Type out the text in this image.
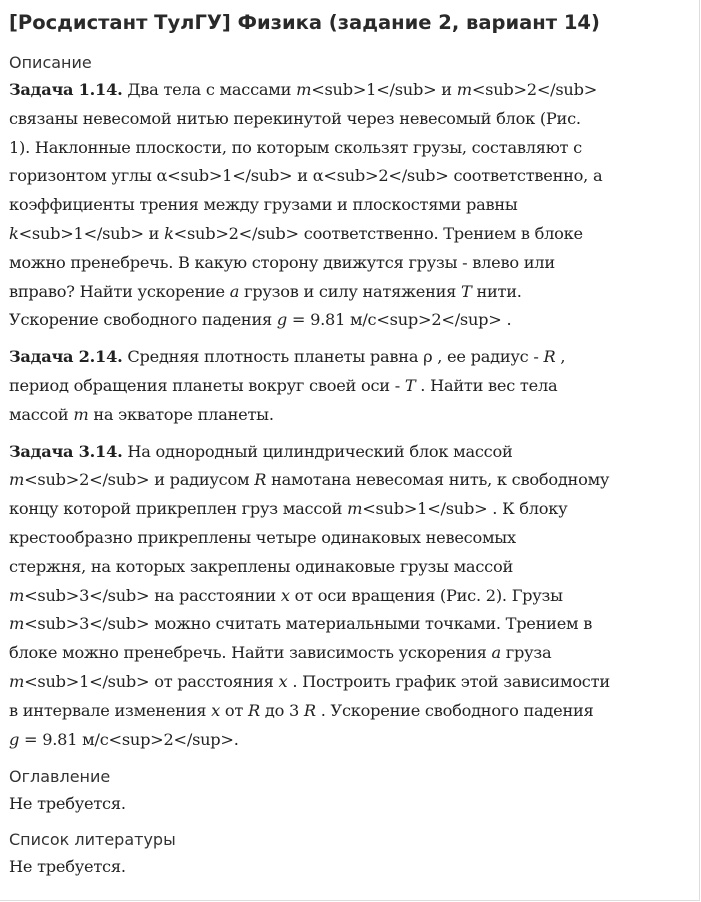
[Росдистант ТулГУ] Физика (задание 2, вариант 14)
Описание
Задача 1.14. Два тела с массами m<sub>1</sub> и m<sub>2</sub>
связаны невесомой нитью перекинутой через невесомый блок (Рис.
1). Наклонные плоскости, по которым скользят грузы, составляют с
горизонтом углы α<sub>1</sub> и α<sub>2</sub> соответственно, а
коэффициенты трения между грузами и плоскостями равны
k<sub>1</sub> и k<sub>2</sub> соответственно. Трением в блоке
можно пренебречь. В какую сторону движутся грузы - влево или
вправо? Найти ускорение a грузов и силу натяжения T нити.
Ускорение свободного падения g = 9.81 м/с<sup>2</sup> .
Задача 2.14. Средняя плотность планеты равна ρ , ее радиус - R ,
период обращения планеты вокруг своей оси - T . Найти вес тела
массой m на экваторе планеты.
Задача 3.14. На однородный цилиндрический блок массой
m<sub>2</sub> и радиусом R намотана невесомая нить, к свободному
концу которой прикреплен груз массой m<sub>1</sub> . К блоку
крестообразно прикреплены четыре одинаковых невесомых
стержня, на которых закреплены одинаковые грузы массой
m<sub>3</sub> на расстоянии x от оси вращения (Рис. 2). Грузы
m<sub>3</sub> можно считать материальными точками. Трением в
блоке можно пренебречь. Найти зависимость ускорения a груза
m<sub>1</sub> от расстояния x . Построить график этой зависимости
в интервале изменения x от R до 3 R . Ускорение свободного падения
g = 9.81 м/с<sup>2</sup>.
Оглавление
Не требуется.
Список литературы
Не требуется.
